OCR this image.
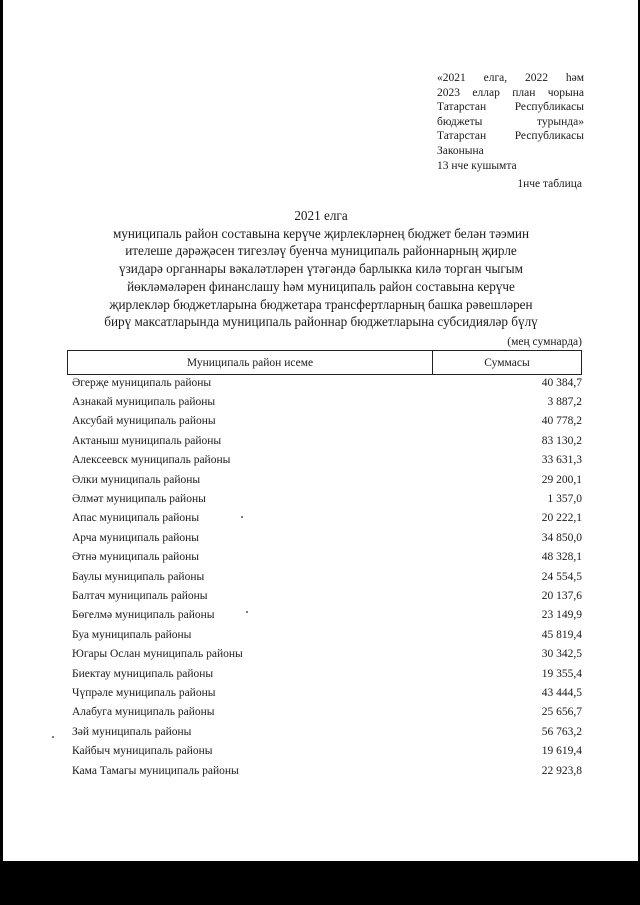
«2021 елга, 2022 һәм
2023 еллар план чорына
Татарстан Республикасы
бюджеты турында»
Татарстан Республикасы
Законына
13 нче кушымта
1нче таблица
2021 елга
муниципаль район составына керүче җирлекләрнең бюджет белән тәэмин
ителеше дәрәҗәсен тигезләү буенча муниципаль районнарның җирле
үзидарә органнары вәкаләтләрен үтәгәндә барлыкка килә торган чыгым
йөкләмәләрен финанслашу һәм муниципаль район составына керүче
җирлекләр бюджетларына бюджетара трансфертларның башка рәвешләрен
бирү максатларында муниципаль районнар бюджетларына субсидияләр бүлү
(мең сумнарда)
Муниципаль район исеме	Суммасы
Әгерҗе муниципаль районы	40 384,7
Азнакай муниципаль районы	3 887,2
Аксубай муниципаль районы	40 778,2
Актаныш муниципаль районы	83 130,2
Алексеевск муниципаль районы	33 631,3
Әлки муниципаль районы	29 200,1
Әлмәт муниципаль районы	1 357,0
Апас муниципаль районы	20 222,1
Арча муниципаль районы	34 850,0
Әтнә муниципаль районы	48 328,1
Баулы муниципаль районы	24 554,5
Балтач муниципаль районы	20 137,6
Бөгелмә муниципаль районы	23 149,9
Буа муниципаль районы	45 819,4
Югары Ослан муниципаль районы	30 342,5
Биектау муниципаль районы	19 355,4
Чүпрәле муниципаль районы	43 444,5
Алабуга муниципаль районы	25 656,7
Зәй муниципаль районы	56 763,2
Кайбыч муниципаль районы	19 619,4
Кама Тамагы муниципаль районы	22 923,8
